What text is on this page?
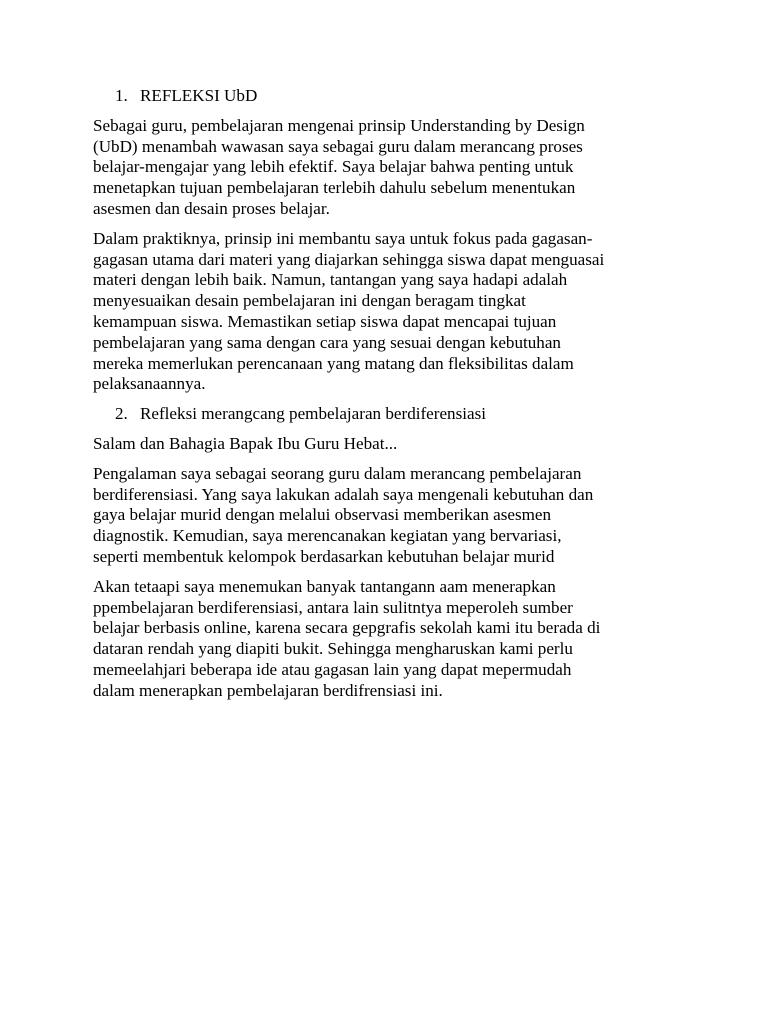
1. REFLEKSI UbD

Sebagai guru, pembelajaran mengenai prinsip Understanding by Design
(UbD) menambah wawasan saya sebagai guru dalam merancang proses
belajar-mengajar yang lebih efektif. Saya belajar bahwa penting untuk
menetapkan tujuan pembelajaran terlebih dahulu sebelum menentukan
asesmen dan desain proses belajar.

Dalam praktiknya, prinsip ini membantu saya untuk fokus pada gagasan-
gagasan utama dari materi yang diajarkan sehingga siswa dapat menguasai
materi dengan lebih baik. Namun, tantangan yang saya hadapi adalah
menyesuaikan desain pembelajaran ini dengan beragam tingkat
kemampuan siswa. Memastikan setiap siswa dapat mencapai tujuan
pembelajaran yang sama dengan cara yang sesuai dengan kebutuhan
mereka memerlukan perencanaan yang matang dan fleksibilitas dalam
pelaksanaannya.

2. Refleksi merangcang pembelajaran berdiferensiasi

Salam dan Bahagia Bapak Ibu Guru Hebat...

Pengalaman saya sebagai seorang guru dalam merancang pembelajaran
berdiferensiasi. Yang saya lakukan adalah saya mengenali kebutuhan dan
gaya belajar murid dengan melalui observasi memberikan asesmen
diagnostik. Kemudian, saya merencanakan kegiatan yang bervariasi,
seperti membentuk kelompok berdasarkan kebutuhan belajar murid

Akan tetaapi saya menemukan banyak tantangann aam menerapkan
ppembelajaran berdiferensiasi, antara lain sulitntya meperoleh sumber
belajar berbasis online, karena secara gepgrafis sekolah kami itu berada di
dataran rendah yang diapiti bukit. Sehingga mengharuskan kami perlu
memeelahjari beberapa ide atau gagasan lain yang dapat mepermudah
dalam menerapkan pembelajaran berdifrensiasi ini.
